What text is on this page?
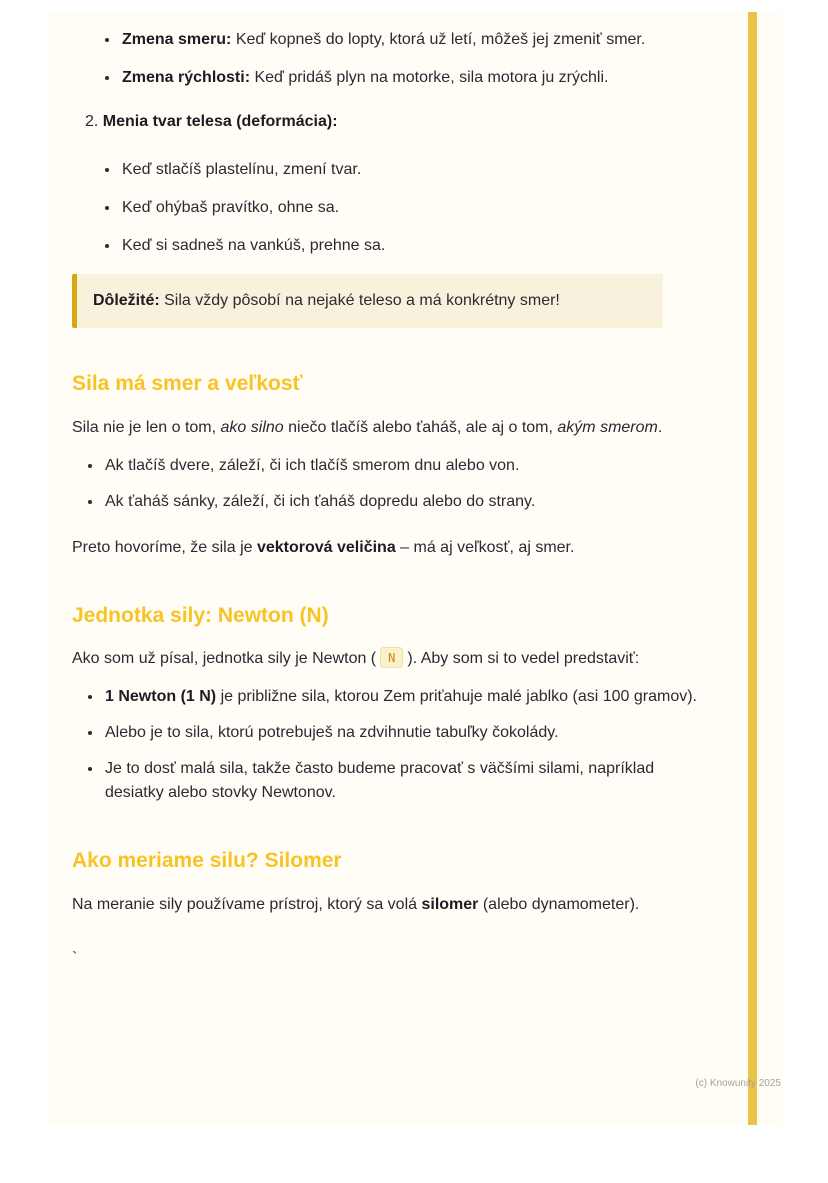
• Zmena smeru: Keď kopneš do lopty, ktorá už letí, môžeš jej zmeniť smer.
• Zmena rýchlosti: Keď pridáš plyn na motorke, sila motora ju zrýchli.
2. Menia tvar telesa (deformácia):
• Keď stlačíš plastelínu, zmení tvar.
• Keď ohýbaš pravítko, ohne sa.
• Keď si sadneš na vankúš, prehne sa.
Dôležité: Sila vždy pôsobí na nejaké teleso a má konkrétny smer!
Sila má smer a veľkosť

Sila nie je len o tom, ako silno niečo tlačíš alebo ťaháš, ale aj o tom, akým smerom.

• Ak tlačíš dvere, záleží, či ich tlačíš smerom dnu alebo von.
• Ak ťaháš sánky, záleží, či ich ťaháš dopredu alebo do strany.

Preto hovoríme, že sila je vektorová veličina – má aj veľkosť, aj smer.

Jednotka sily: Newton (N)

Ako som už písal, jednotka sily je Newton ( N ). Aby som si to vedel predstaviť:

• 1 Newton (1 N) je približne sila, ktorou Zem priťahuje malé jablko (asi 100 gramov).
• Alebo je to sila, ktorú potrebuješ na zdvihnutie tabuľky čokolády.
• Je to dosť malá sila, takže často budeme pracovať s väčšími silami, napríklad desiatky alebo stovky Newtonov.
Ako meriame silu? Silomer

Na meranie sily používame prístroj, ktorý sa volá silomer (alebo dynamometer).

`
(c) Knowunity 2025
